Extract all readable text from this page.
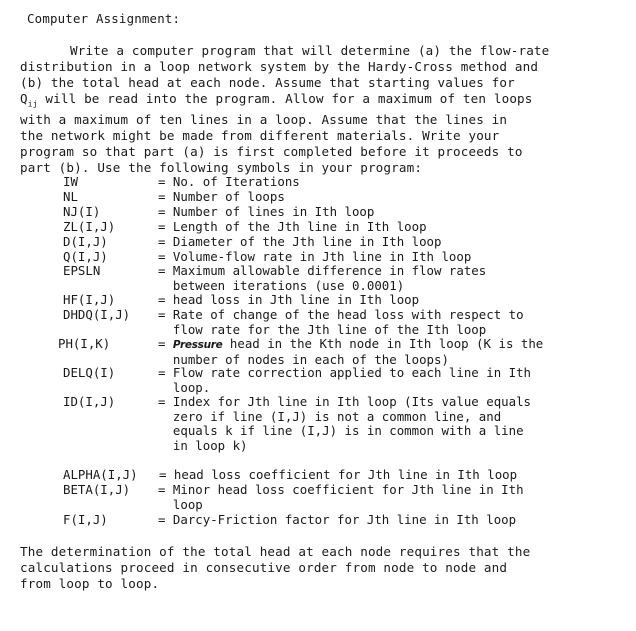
Computer Assignment:
Write a computer program that will determine (a) the flow-rate
distribution in a loop network system by the Hardy-Cross method and
(b) the total head at each node. Assume that starting values for
$Q_{ij}$ will be read into the program. Allow for a maximum of ten loops
with a maximum of ten lines in a loop. Assume that the lines in
the network might be made from different materials. Write your
program so that part (a) is first completed before it proceeds to
part (b). Use the following symbols in your program:
IW	= No. of Iterations
NL	= Number of loops
NJ(I)	= Number of lines in Ith loop
ZL(I,J)	= Length of the Jth line in Ith loop
D(I,J)	= Diameter of the Jth line in Ith loop
Q(I,J)	= Volume-flow rate in Jth line in Ith loop
EPSLN	= Maximum allowable difference in flow rates
between iterations (use 0.0001)
HF(I,J)	= head loss in Jth line in Ith loop
DHDQ(I,J) = Rate of change of the head loss with respect to
flow rate for the Jth line of the Ith loop
PH(I,K)	= Pressure head in the Kth node in Ith loop (K is the
number of nodes in each of the loops)
DELQ(I)	= Flow rate correction applied to each line in Ith
loop.
ID(I,J)	= Index for Jth line in Ith loop (Its value equals
zero if line (I,J) is not a common line, and
equals k if line (I,J) is in common with a line
in loop k)
ALPHA(I,J) = head loss coefficient for Jth line in Ith loop
BETA(I,J) = Minor head loss coefficient for Jth line in Ith
loop
F(I,J)	= Darcy-Friction factor for Jth line in Ith loop
The determination of the total head at each node requires that the
calculations proceed in consecutive order from node to node and
from loop to loop.
